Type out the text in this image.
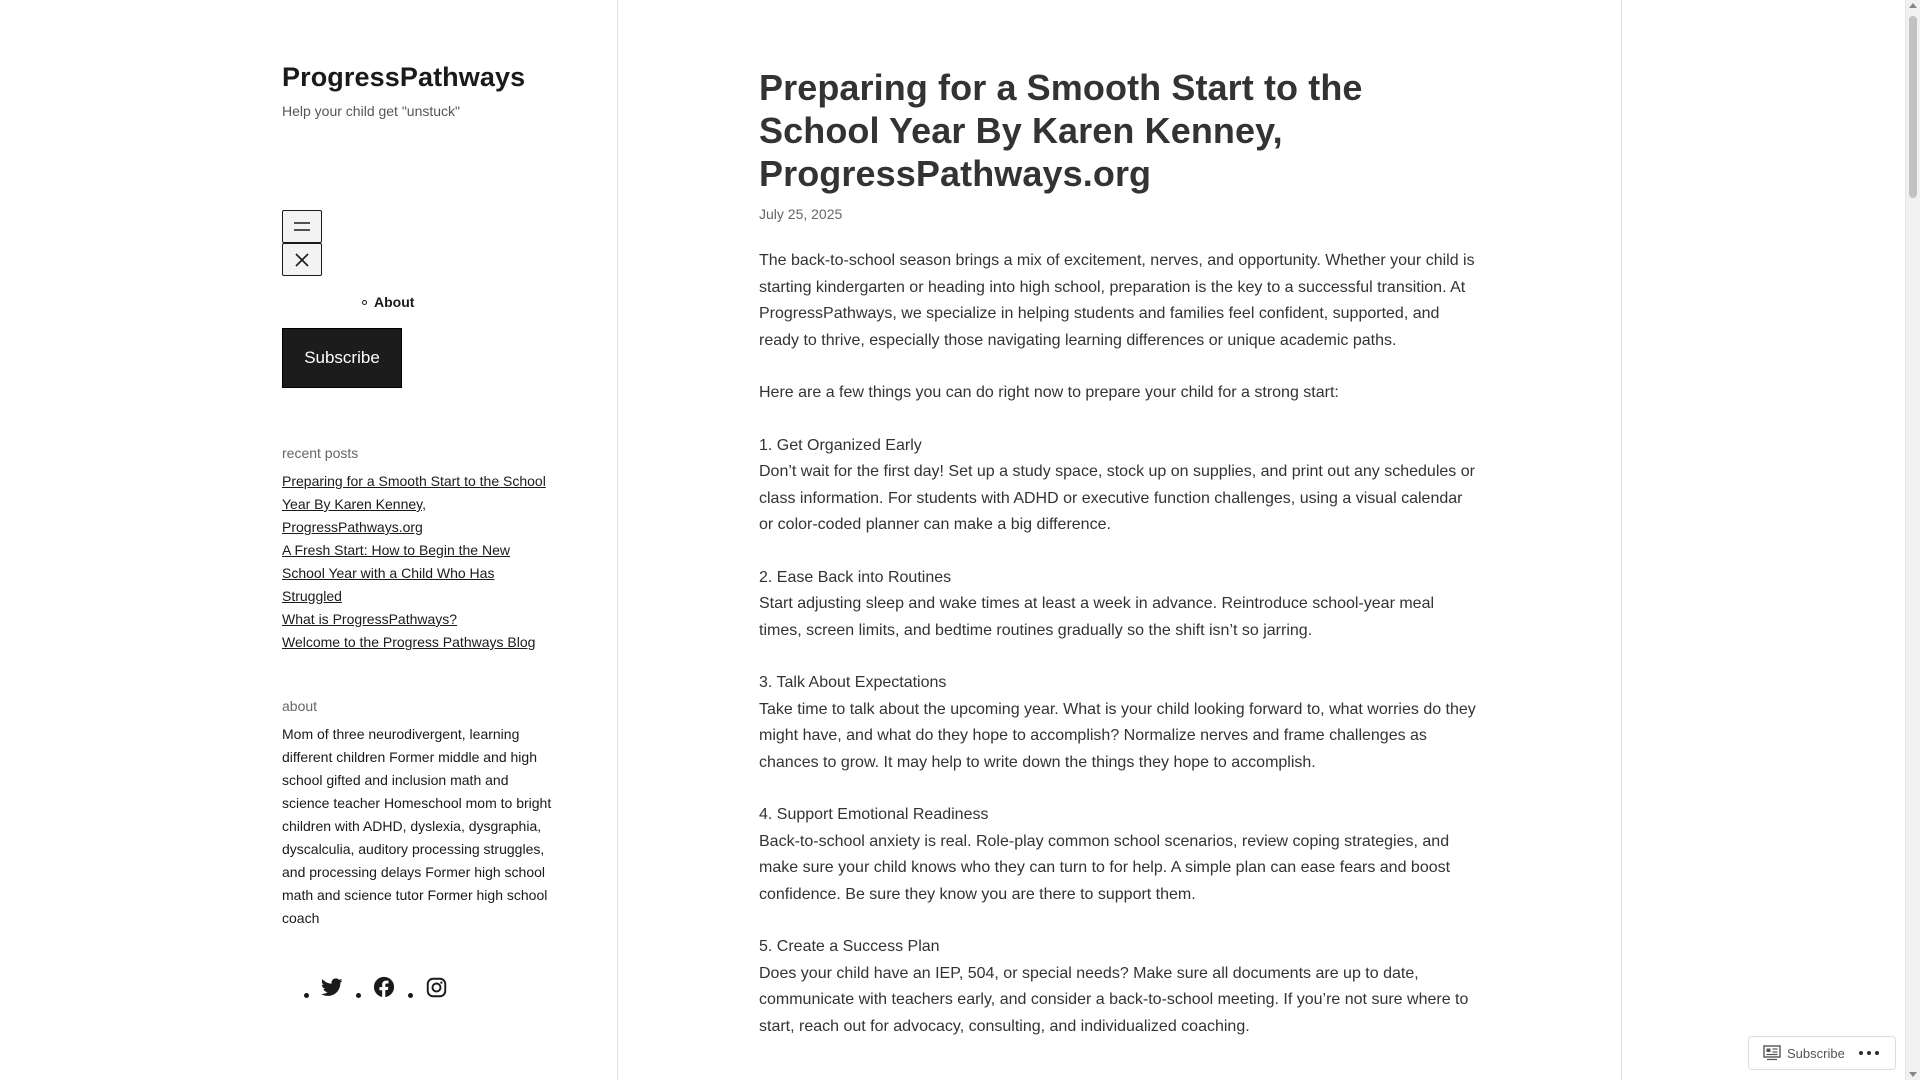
ProgressPathways
Help your child get "unstuck"
About
Subscribe
recent posts
Preparing for a Smooth Start to the School Year By Karen Kenney, ProgressPathways.org
A Fresh Start: How to Begin the New School Year with a Child Who Has Struggled
What is ProgressPathways?
Welcome to the Progress Pathways Blog
about
Mom of three neurodivergent, learning different children Former middle and high school gifted and inclusion math and science teacher Homeschool mom to bright children with ADHD, dyslexia, dysgraphia, dyscalculia, auditory processing struggles, and processing delays Former high school math and science tutor Former high school coach
Preparing for a Smooth Start to the School Year By Karen Kenney, ProgressPathways.org
July 25, 2025

The back-to-school season brings a mix of excitement, nerves, and opportunity. Whether your child is starting kindergarten or heading into high school, preparation is the key to a successful transition. At ProgressPathways, we specialize in helping students and families feel confident, supported, and ready to thrive, especially those navigating learning differences or unique academic paths.

Here are a few things you can do right now to prepare your child for a strong start:

1. Get Organized Early

Don’t wait for the first day! Set up a study space, stock up on supplies, and print out any schedules or class information. For students with ADHD or executive function challenges, using a visual calendar or color-coded planner can make a big difference.

2. Ease Back into Routines

Start adjusting sleep and wake times at least a week in advance. Reintroduce school-year meal times, screen limits, and bedtime routines gradually so the shift isn’t so jarring.

3. Talk About Expectations

Take time to talk about the upcoming year. What is your child looking forward to, what worries do they might have, and what do they hope to accomplish? Normalize nerves and frame challenges as chances to grow. It may help to write down the things they hope to accomplish.

4. Support Emotional Readiness

Back-to-school anxiety is real. Role-play common school scenarios, review coping strategies, and make sure your child knows who they can turn to for help. A simple plan can ease fears and boost confidence. Be sure they know you are there to support them.

5. Create a Success Plan

Does your child have an IEP, 504, or special needs? Make sure all documents are up to date, communicate with teachers early, and consider a back-to-school meeting. If you’re not sure where to start, reach out for advocacy, consulting, and individualized coaching.

Subscribe
